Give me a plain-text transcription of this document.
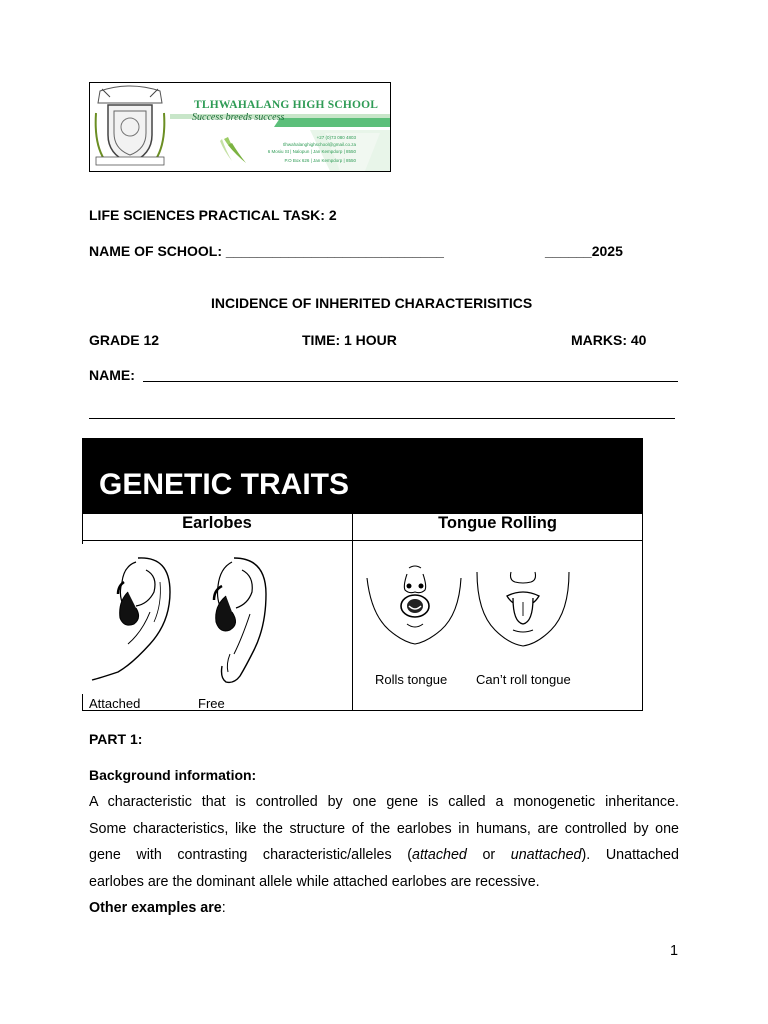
TLHWAHALANG HIGH SCHOOL
Success breeds success
+27 (0)73 080 4803
tlhwahalanghighschool@gmail.co.za
6 Mosiu St | Nalopun | Jan Kempdorp | 8550
P.O Box 626 | Jan Kempdorp | 8550
LIFE SCIENCES PRACTICAL TASK: 2
NAME OF SCHOOL: ____________________________	______2025
INCIDENCE OF INHERITED CHARACTERISITICS
GRADE 12	TIME: 1 HOUR	MARKS: 40
NAME:
GENETIC TRAITS
Earlobes	Tongue Rolling
Attached	Free
Rolls tongue Can’t roll tongue
PART 1:
Background information:
A characteristic that is controlled by one gene is called a monogenetic inheritance.
Some characteristics, like the structure of the earlobes in humans, are controlled by one
gene with contrasting characteristic/alleles (attached or unattached). Unattached
earlobes are the dominant allele while attached earlobes are recessive.
Other examples are:
1
